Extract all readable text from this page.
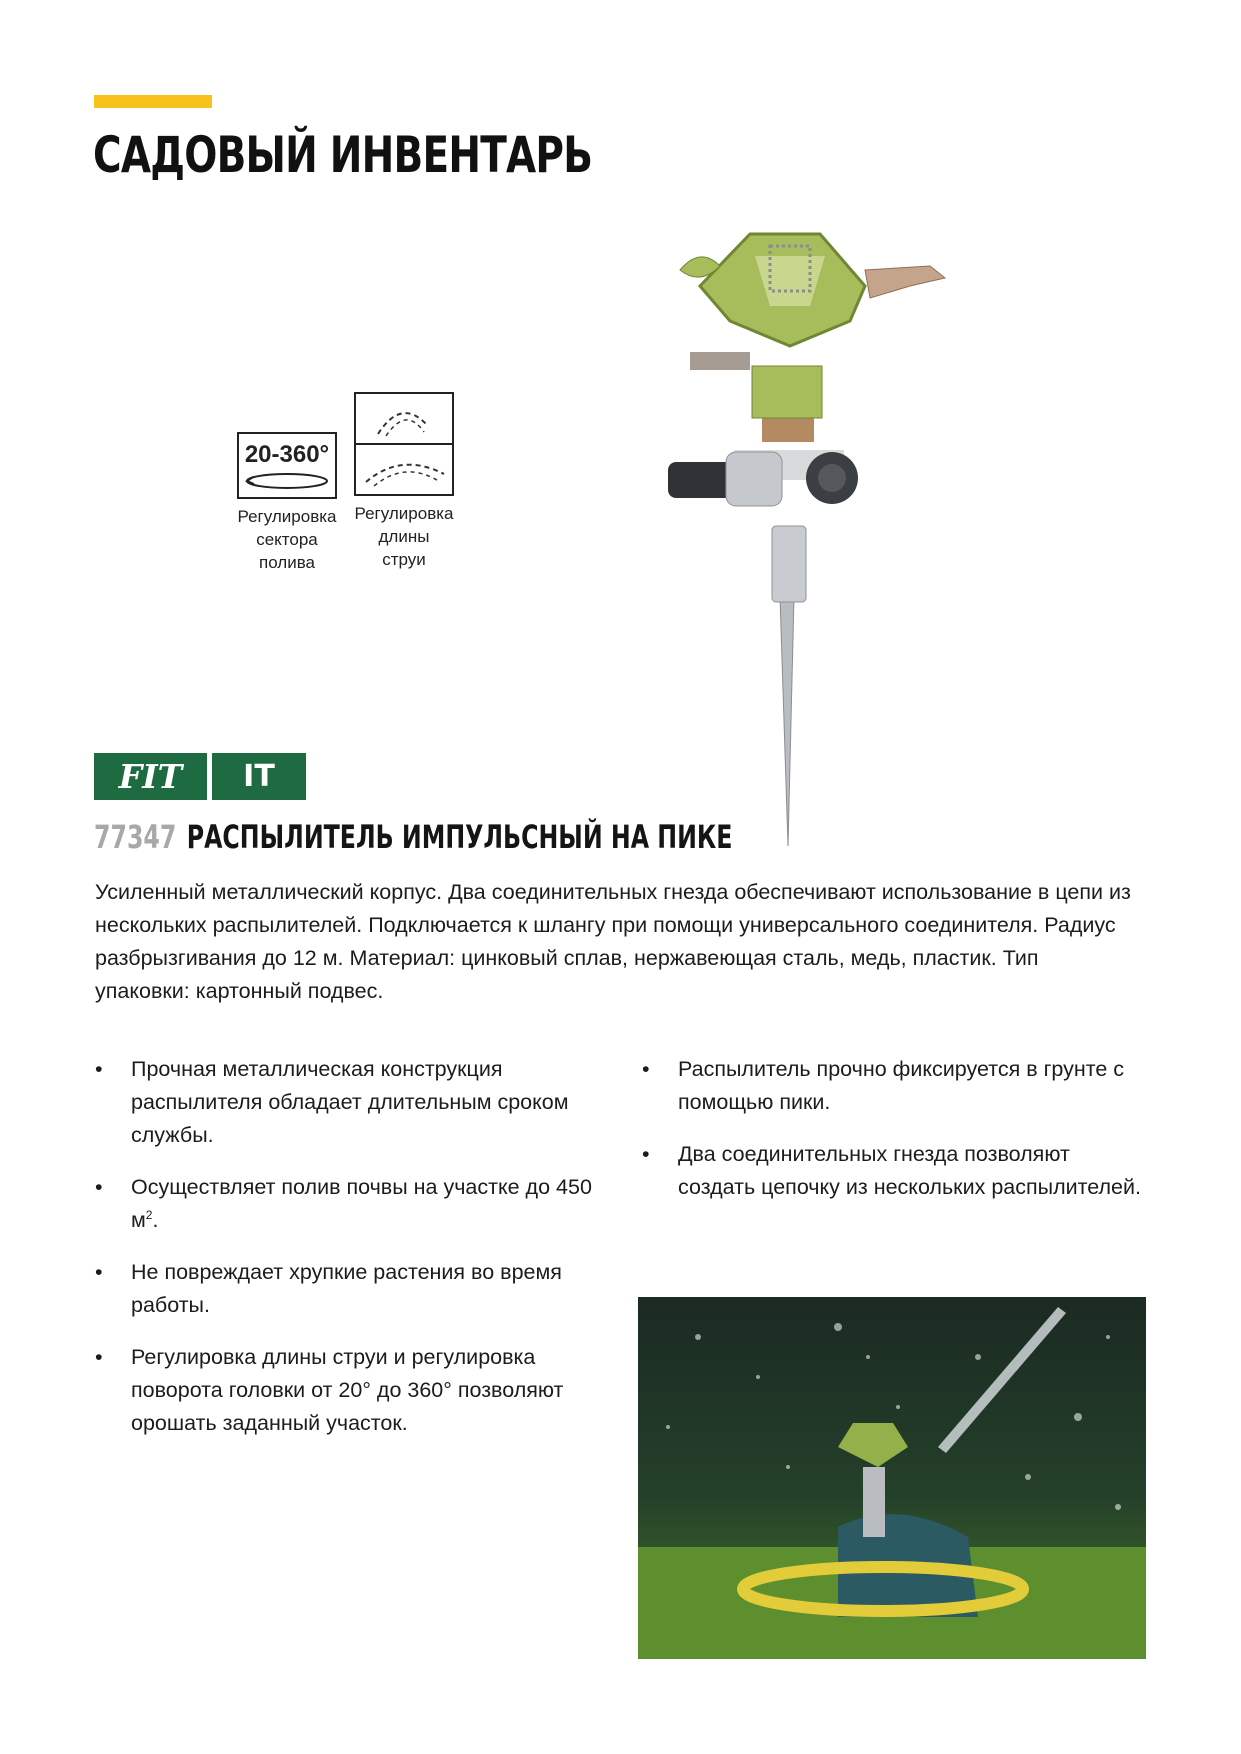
САДОВЫЙ ИНВЕНТАРЬ
20-360°
Регулировка
сектора
полива
Регулировка
длины
струи
FIT	IT
77347 РАСПЫЛИТЕЛЬ ИМПУЛЬСНЫЙ НА ПИКЕ

Усиленный металлический корпус. Два соединительных гнезда обеспечивают использование в цепи из нескольких распылителей. Подключается к шлангу при помощи универсального соединителя. Радиус разбрызгивания до 12 м. Материал: цинковый сплав, нержавеющая сталь, медь, пластик. Тип упаковки: картонный подвес.

• Прочная металлическая конструкция распылителя обладает длительным сроком службы.
• Осуществляет полив почвы на участке до 450 $м^2$.
• Не повреждает хрупкие растения во время работы.
• Регулировка длины струи и регулировка поворота головки от 20° до 360° позволяют орошать заданный участок.
• Распылитель прочно фиксируется в грунте с помощью пики.
• Два соединительных гнезда позволяют создать цепочку из нескольких распылителей.
